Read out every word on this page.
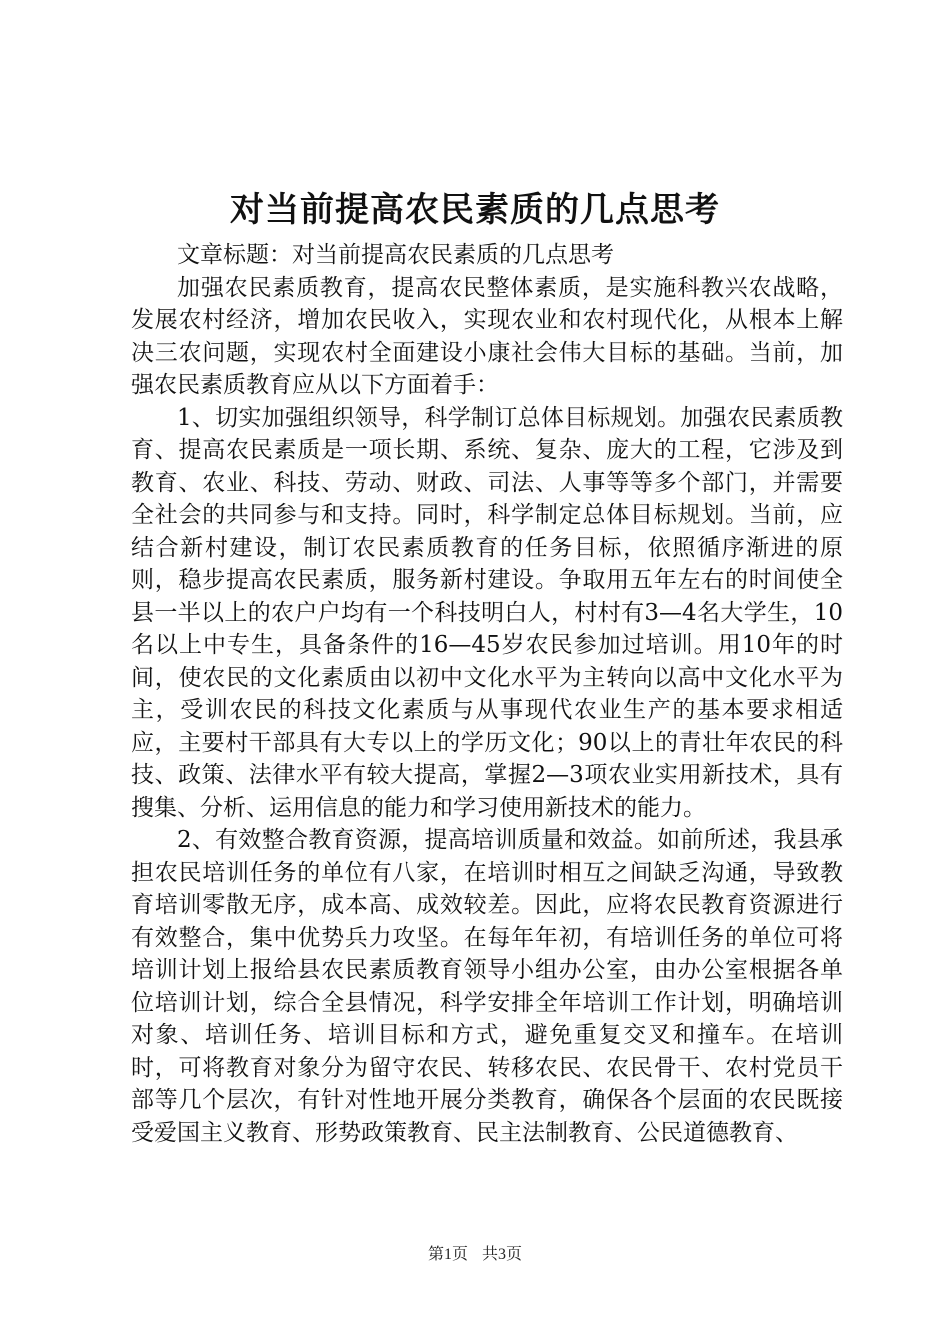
对当前提高农民素质的几点思考

文章标题：对当前提高农民素质的几点思考

加强农民素质教育，提高农民整体素质，是实施科教兴农战略，发展农村经济，增加农民收入，实现农业和农村现代化，从根本上解决三农问题，实现农村全面建设小康社会伟大目标的基础。当前，加强农民素质教育应从以下方面着手：

1、切实加强组织领导，科学制订总体目标规划。加强农民素质教育、提高农民素质是一项长期、系统、复杂、庞大的工程，它涉及到教育、农业、科技、劳动、财政、司法、人事等等多个部门，并需要全社会的共同参与和支持。同时，科学制定总体目标规划。当前，应结合新村建设，制订农民素质教育的任务目标，依照循序渐进的原则，稳步提高农民素质，服务新村建设。争取用五年左右的时间使全县一半以上的农户户均有一个科技明白人，村村有3—4名大学生，10名以上中专生，具备条件的16—45岁农民参加过培训。用10年的时间，使农民的文化素质由以初中文化水平为主转向以高中文化水平为主，受训农民的科技文化素质与从事现代农业生产的基本要求相适应，主要村干部具有大专以上的学历文化；90以上的青壮年农民的科技、政策、法律水平有较大提高，掌握2—3项农业实用新技术，具有搜集、分析、运用信息的能力和学习使用新技术的能力。

2、有效整合教育资源，提高培训质量和效益。如前所述，我县承担农民培训任务的单位有八家，在培训时相互之间缺乏沟通，导致教育培训零散无序，成本高、成效较差。因此，应将农民教育资源进行有效整合，集中优势兵力攻坚。在每年年初，有培训任务的单位可将培训计划上报给县农民素质教育领导小组办公室，由办公室根据各单位培训计划，综合全县情况，科学安排全年培训工作计划，明确培训对象、培训任务、培训目标和方式，避免重复交叉和撞车。在培训时，可将教育对象分为留守农民、转移农民、农民骨干、农村党员干部等几个层次，有针对性地开展分类教育，确保各个层面的农民既接受爱国主义教育、形势政策教育、民主法制教育、公民道德教育、

第1页 共3页
